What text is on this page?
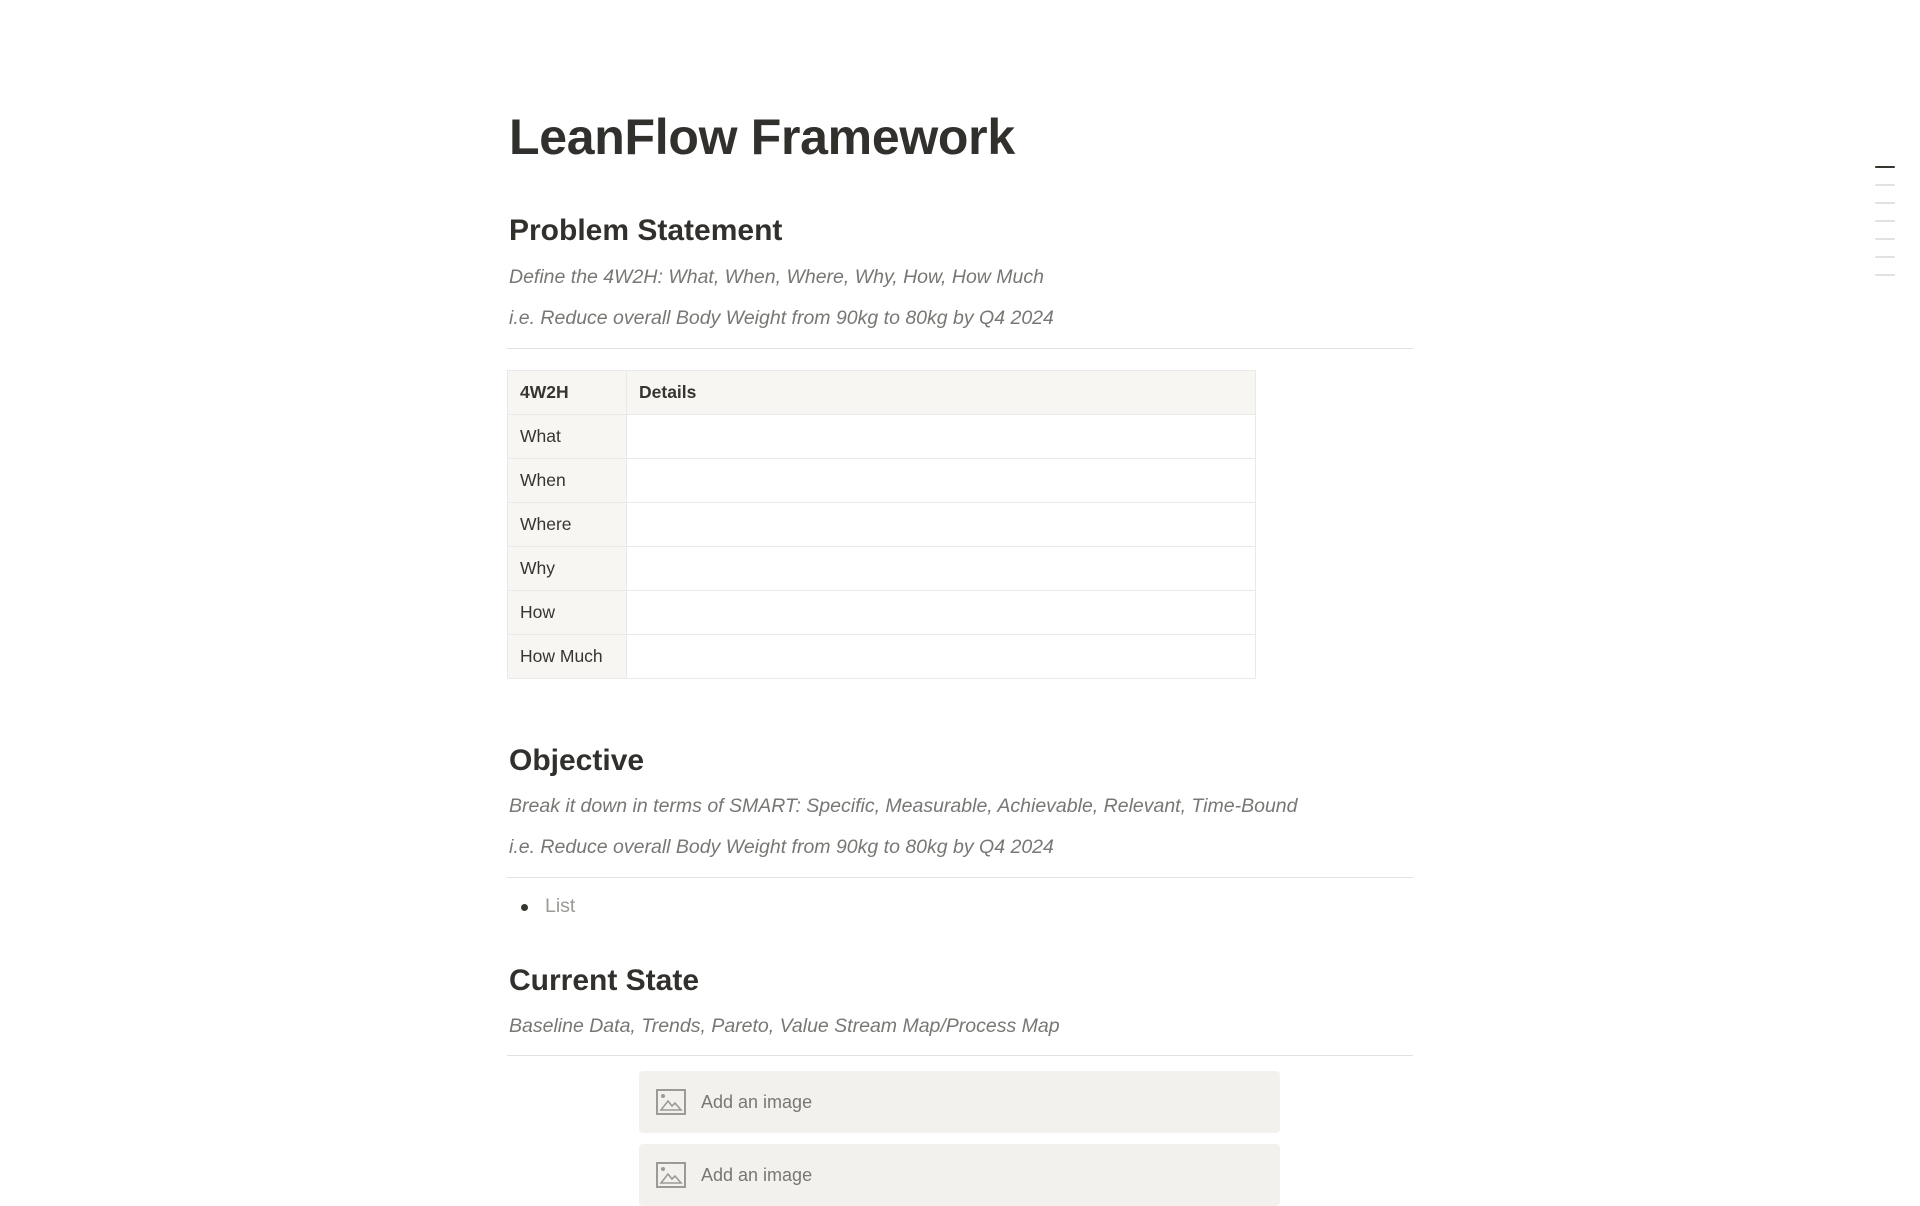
LeanFlow Framework
Problem Statement
Define the 4W2H: What, When, Where, Why, How, How Much
i.e. Reduce overall Body Weight from 90kg to 80kg by Q4 2024
4W2H	Details
What	
When	
Where	
Why	
How	
How Much	
Objective
Break it down in terms of SMART: Specific, Measurable, Achievable, Relevant, Time-Bound
i.e. Reduce overall Body Weight from 90kg to 80kg by Q4 2024
List
Current State
Baseline Data, Trends, Pareto, Value Stream Map/Process Map
Add an image
Add an image
